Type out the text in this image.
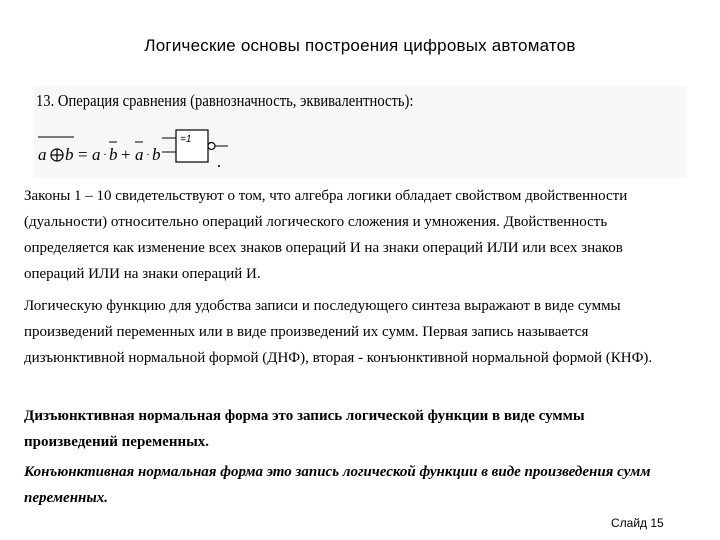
Логические основы построения цифровых автоматов
13. Операция сравнения (равнозначность, эквивалентность):
a b = a · b + a · b
=1

Законы 1 – 10 свидетельствуют о том, что алгебра логики обладает свойством двойственности (дуальности) относительно операций логического сложения и умножения. Двойственность определяется как изменение всех знаков операций И на знаки операций ИЛИ или всех знаков операций ИЛИ на знаки операций И.

Логическую функцию для удобства записи и последующего синтеза выражают в виде суммы произведений переменных или в виде произведений их сумм. Первая запись называется дизъюнктивной нормальной формой (ДНФ), вторая - конъюнктивной нормальной формой (КНФ).

Дизъюнктивная нормальная форма это запись логической функции в виде суммы произведений переменных.

Конъюнктивная нормальная форма это запись логической функции в виде произведения сумм переменных.

Слайд 15
